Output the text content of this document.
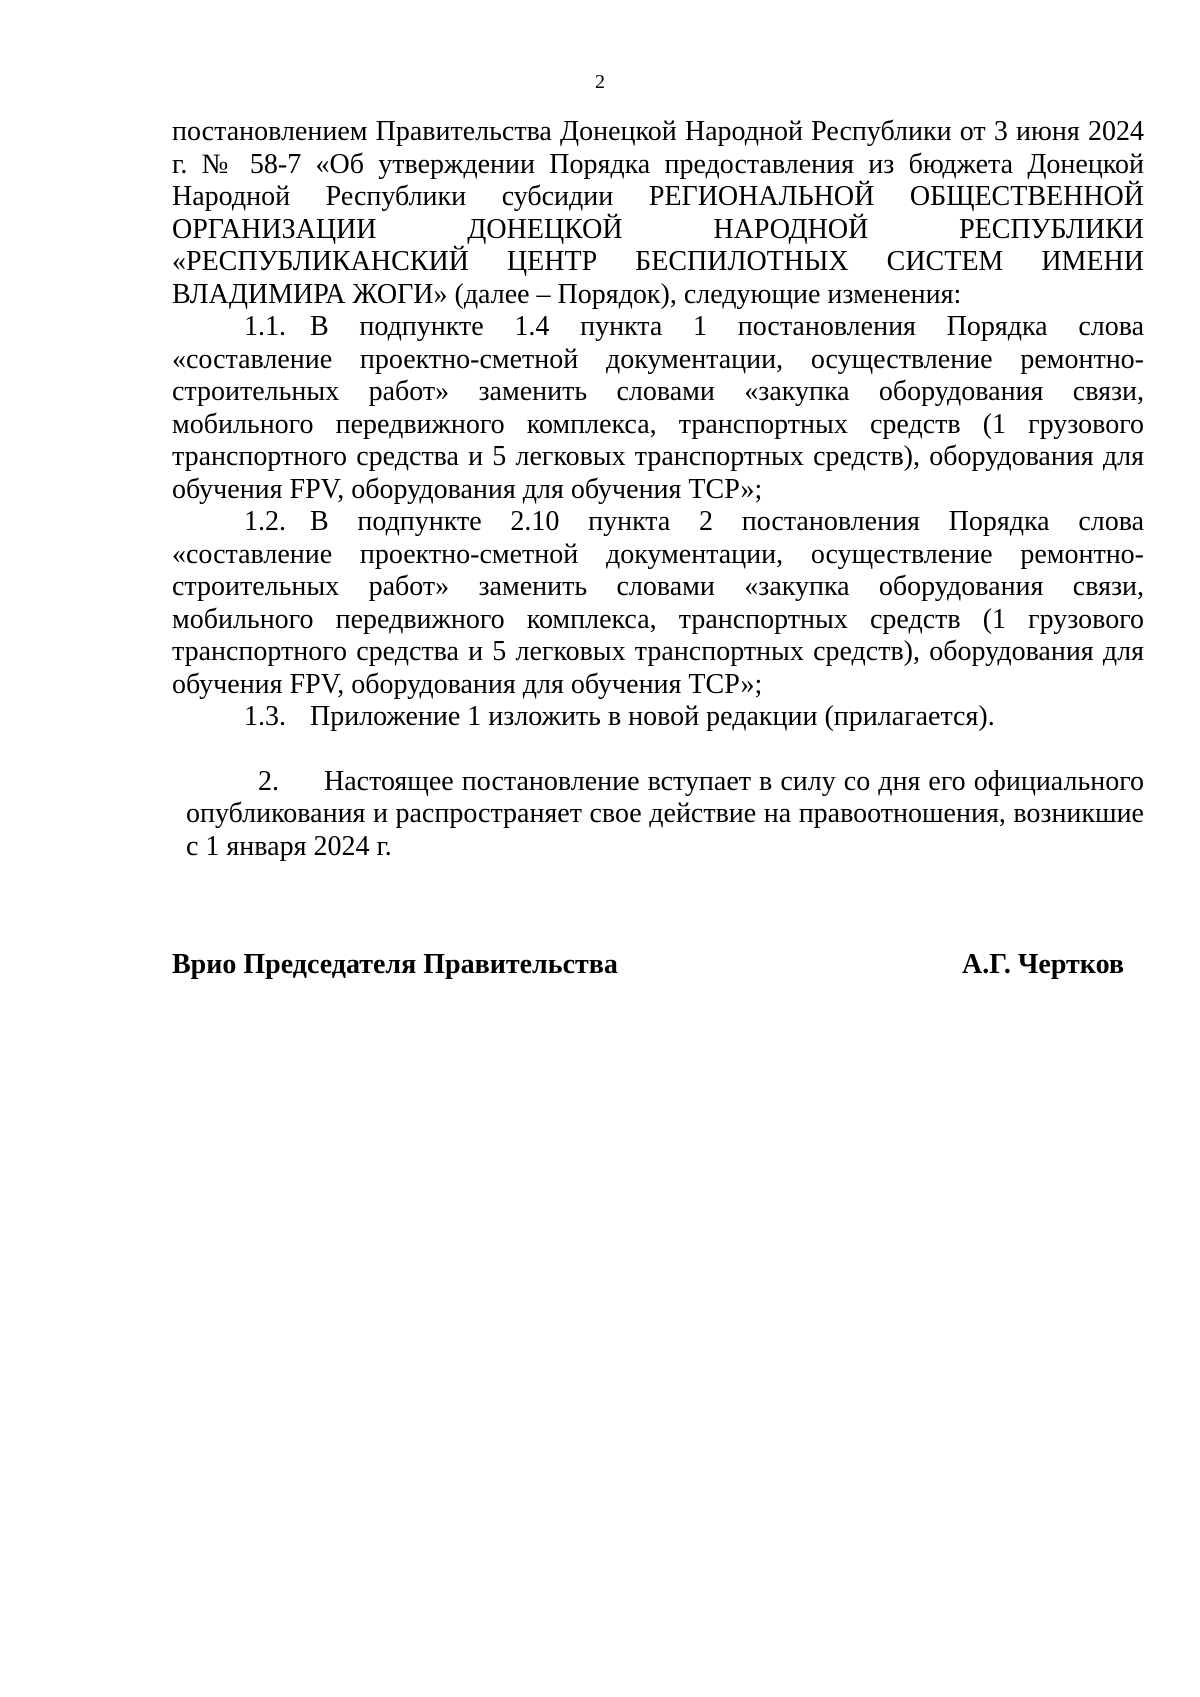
2

постановлением Правительства Донецкой Народной Республики от 3 июня 2024 г. № 58-7 «Об утверждении Порядка предоставления из бюджета Донецкой Народной Республики субсидии РЕГИОНАЛЬНОЙ ОБЩЕСТВЕННОЙ ОРГАНИЗАЦИИ ДОНЕЦКОЙ НАРОДНОЙ РЕСПУБЛИКИ «РЕСПУБЛИКАНСКИЙ ЦЕНТР БЕСПИЛОТНЫХ СИСТЕМ ИМЕНИ ВЛАДИМИРА ЖОГИ» (далее – Порядок), следующие изменения:

1.1. В подпункте 1.4 пункта 1 постановления Порядка слова «составление проектно-сметной документации, осуществление ремонтно-строительных работ» заменить словами «закупка оборудования связи, мобильного передвижного комплекса, транспортных средств (1 грузового транспортного средства и 5 легковых транспортных средств), оборудования для обучения FPV, оборудования для обучения ТСР»;

1.2. В подпункте 2.10 пункта 2 постановления Порядка слова «составление проектно-сметной документации, осуществление ремонтно-строительных работ» заменить словами «закупка оборудования связи, мобильного передвижного комплекса, транспортных средств (1 грузового транспортного средства и 5 легковых транспортных средств), оборудования для обучения FPV, оборудования для обучения ТСР»;

1.3. Приложение 1 изложить в новой редакции (прилагается).

2. Настоящее постановление вступает в силу со дня его официального опубликования и распространяет свое действие на правоотношения, возникшие с 1 января 2024 г.

Врио Председателя Правительства	А.Г. Чертков
